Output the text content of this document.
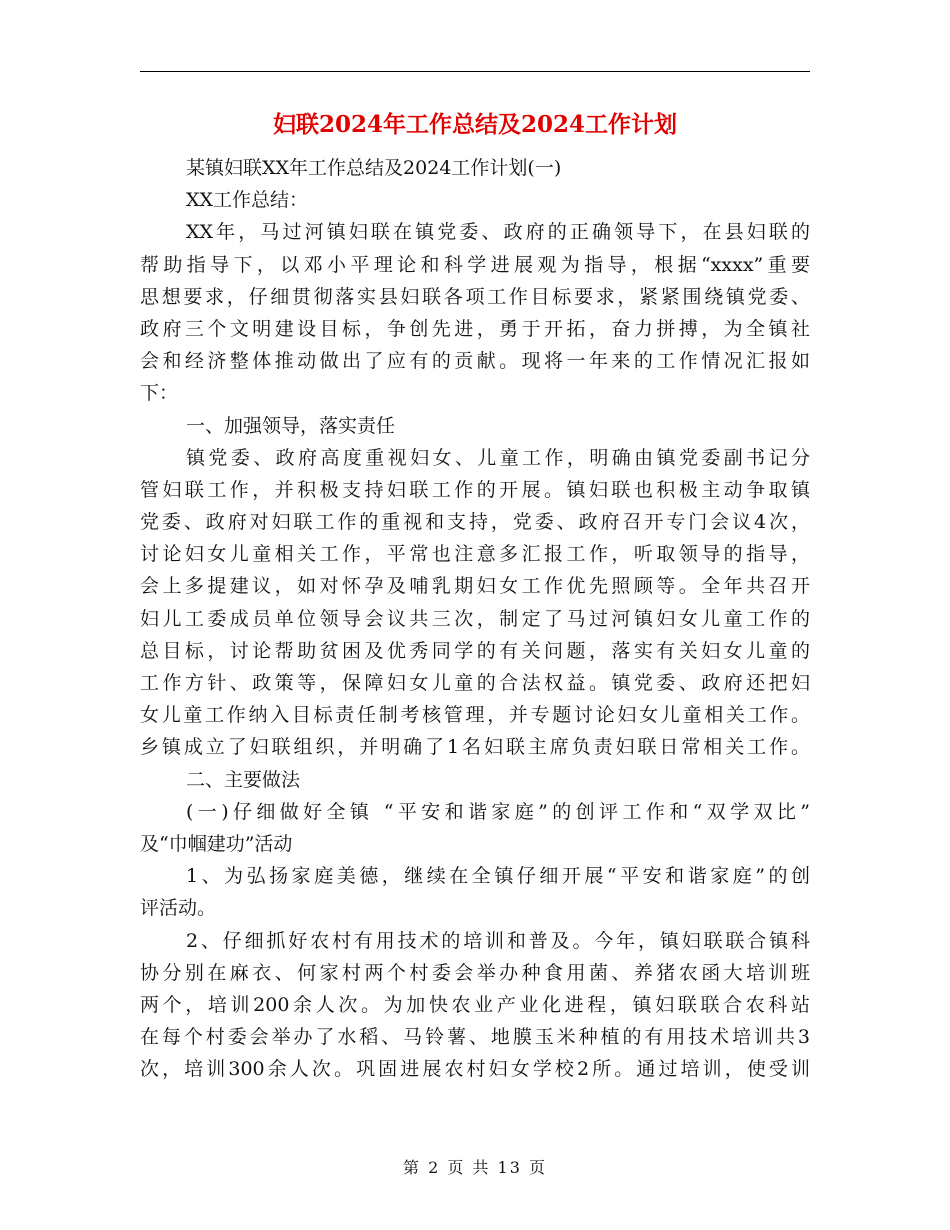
妇联2024年工作总结及2024工作计划
某镇妇联XX年工作总结及2024工作计划(一)
XX工作总结：
XX年，马过河镇妇联在镇党委、政府的正确领导下，在县妇联的
帮助指导下，以邓小平理论和科学进展观为指导，根据“xxxx”重要
思想要求，仔细贯彻落实县妇联各项工作目标要求，紧紧围绕镇党委、
政府三个文明建设目标，争创先进，勇于开拓，奋力拼搏，为全镇社
会和经济整体推动做出了应有的贡献。现将一年来的工作情况汇报如
下：
一、加强领导，落实责任
镇党委、政府高度重视妇女、儿童工作，明确由镇党委副书记分
管妇联工作，并积极支持妇联工作的开展。镇妇联也积极主动争取镇
党委、政府对妇联工作的重视和支持，党委、政府召开专门会议4次，
讨论妇女儿童相关工作，平常也注意多汇报工作，听取领导的指导，
会上多提建议，如对怀孕及哺乳期妇女工作优先照顾等。全年共召开
妇儿工委成员单位领导会议共三次，制定了马过河镇妇女儿童工作的
总目标，讨论帮助贫困及优秀同学的有关问题，落实有关妇女儿童的
工作方针、政策等，保障妇女儿童的合法权益。镇党委、政府还把妇
女儿童工作纳入目标责任制考核管理，并专题讨论妇女儿童相关工作。
乡镇成立了妇联组织，并明确了1名妇联主席负责妇联日常相关工作。
二、主要做法
(一)仔细做好全镇 “平安和谐家庭”的创评工作和“双学双比”
及“巾帼建功”活动
1、为弘扬家庭美德，继续在全镇仔细开展“平安和谐家庭”的创
评活动。
2、仔细抓好农村有用技术的培训和普及。今年，镇妇联联合镇科
协分别在麻衣、何家村两个村委会举办种食用菌、养猪农函大培训班
两个，培训200余人次。为加快农业产业化进程，镇妇联联合农科站
在每个村委会举办了水稻、马铃薯、地膜玉米种植的有用技术培训共3
次，培训300余人次。巩固进展农村妇女学校2所。通过培训，使受训
第 2 页 共 13 页
